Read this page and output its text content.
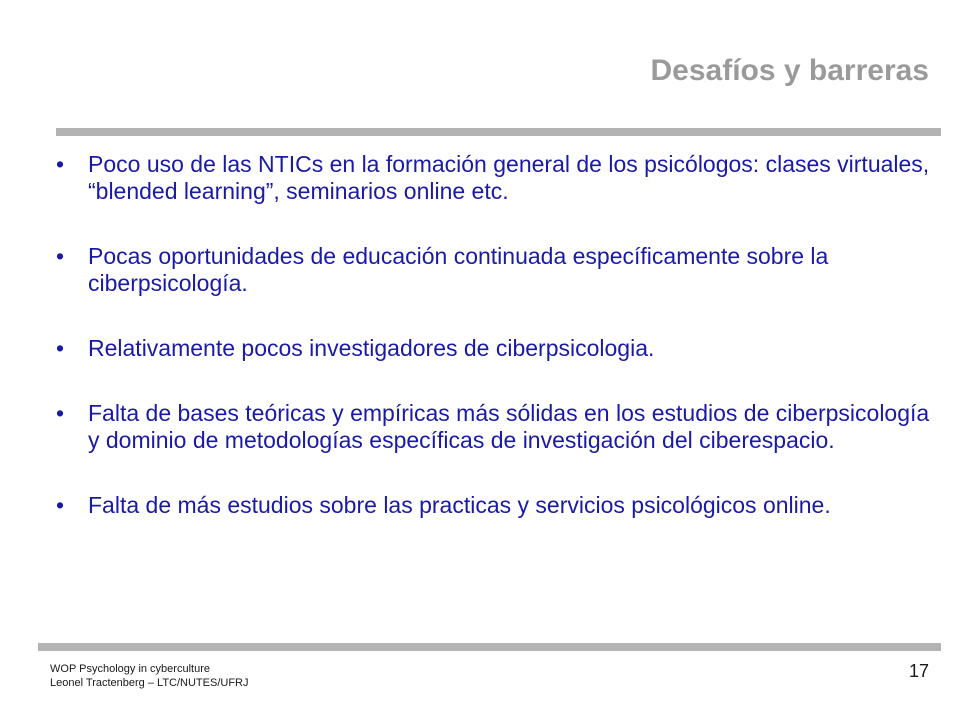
Desafíos y barreras
•	Poco uso de las NTICs en la formación general de los psicólogos: clases virtuales, “blended learning”, seminarios online etc.
•	Pocas oportunidades de educación continuada específicamente sobre la ciberpsicología.
•	Relativamente pocos investigadores de ciberpsicologia.
•	Falta de bases teóricas y empíricas más sólidas en los estudios de ciberpsicología y dominio de metodologías específicas de investigación del ciberespacio.
•	Falta de más estudios sobre las practicas y servicios psicológicos online.
WOP Psychology in cyberculture
Leonel Tractenberg – LTC/NUTES/UFRJ
17
